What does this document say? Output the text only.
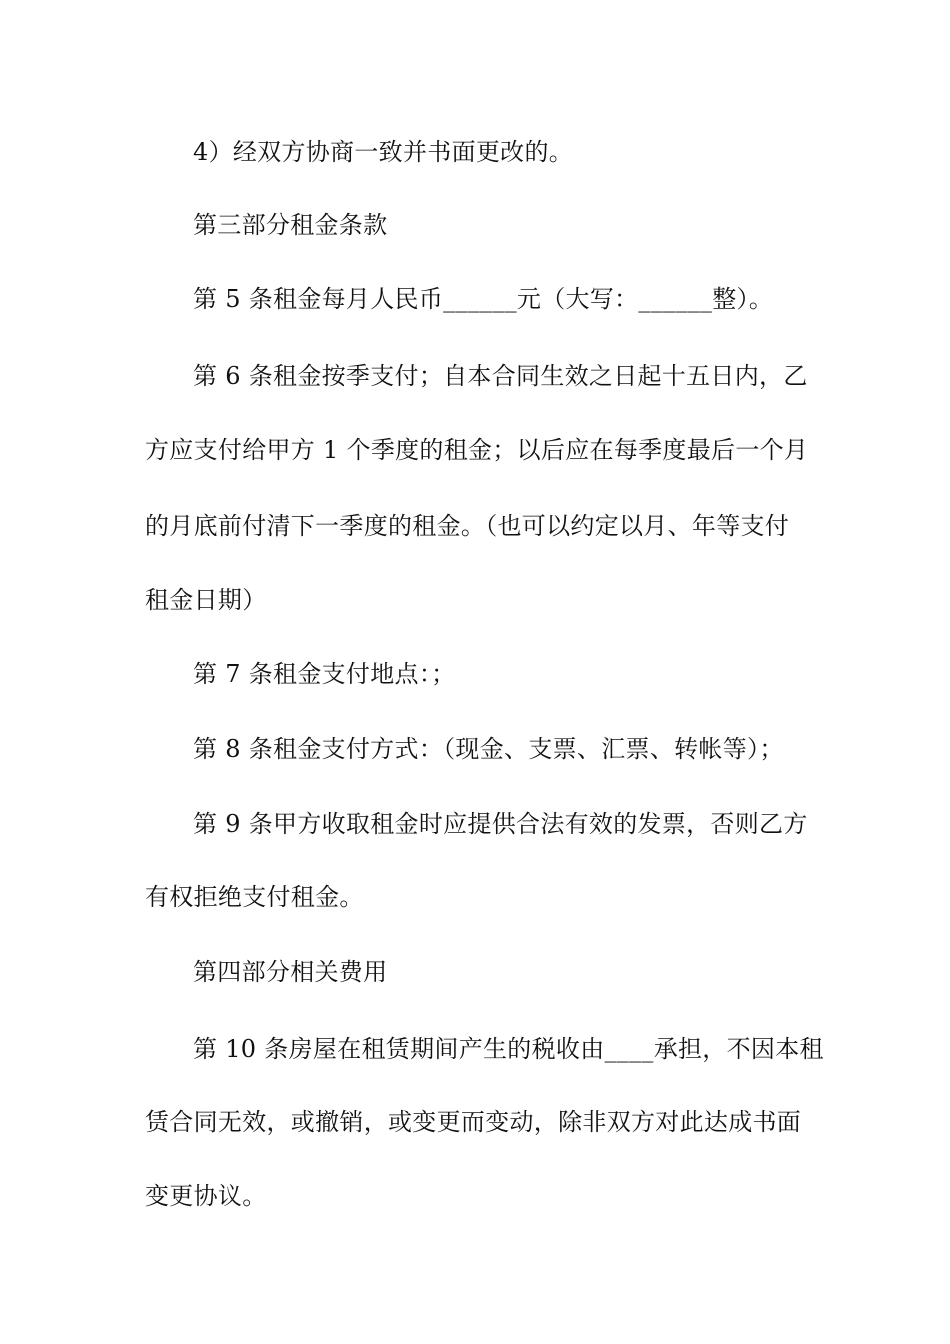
4）经双方协商一致并书面更改的。
第三部分租金条款
第 5 条租金每月人民币______元（大写：______整）。
第 6 条租金按季支付；自本合同生效之日起十五日内，乙
方应支付给甲方 1 个季度的租金；以后应在每季度最后一个月
的月底前付清下一季度的租金。（也可以约定以月、年等支付
租金日期）
第 7 条租金支付地点：；
第 8 条租金支付方式：（现金、支票、汇票、转帐等）；
第 9 条甲方收取租金时应提供合法有效的发票，否则乙方
有权拒绝支付租金。
第四部分相关费用
第 10 条房屋在租赁期间产生的税收由____承担，不因本租
赁合同无效，或撤销，或变更而变动，除非双方对此达成书面
变更协议。
